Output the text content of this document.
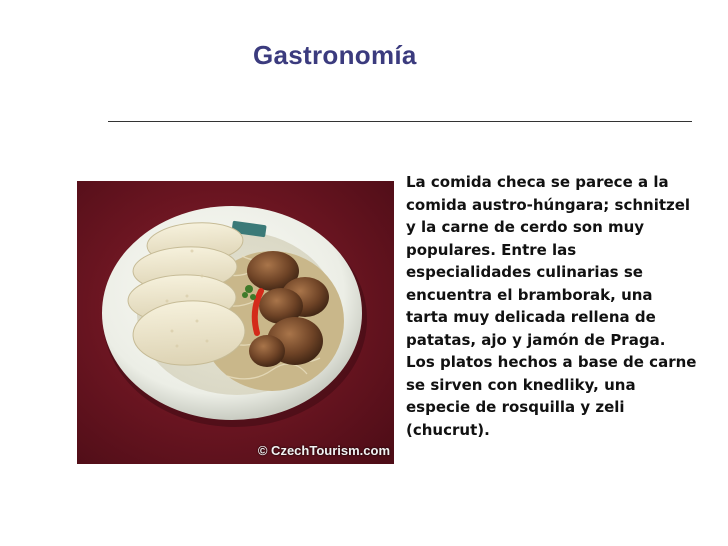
Gastronomía
© CzechTourism.com

La comida checa se parece a la comida austro-húngara; schnitzel y la carne de cerdo son muy populares. Entre las especialidades culinarias se encuentra el bramborak, una tarta muy delicada rellena de patatas, ajo y jamón de Praga. Los platos hechos a base de carne se sirven con knedliky, una especie de rosquilla y zeli (chucrut).
